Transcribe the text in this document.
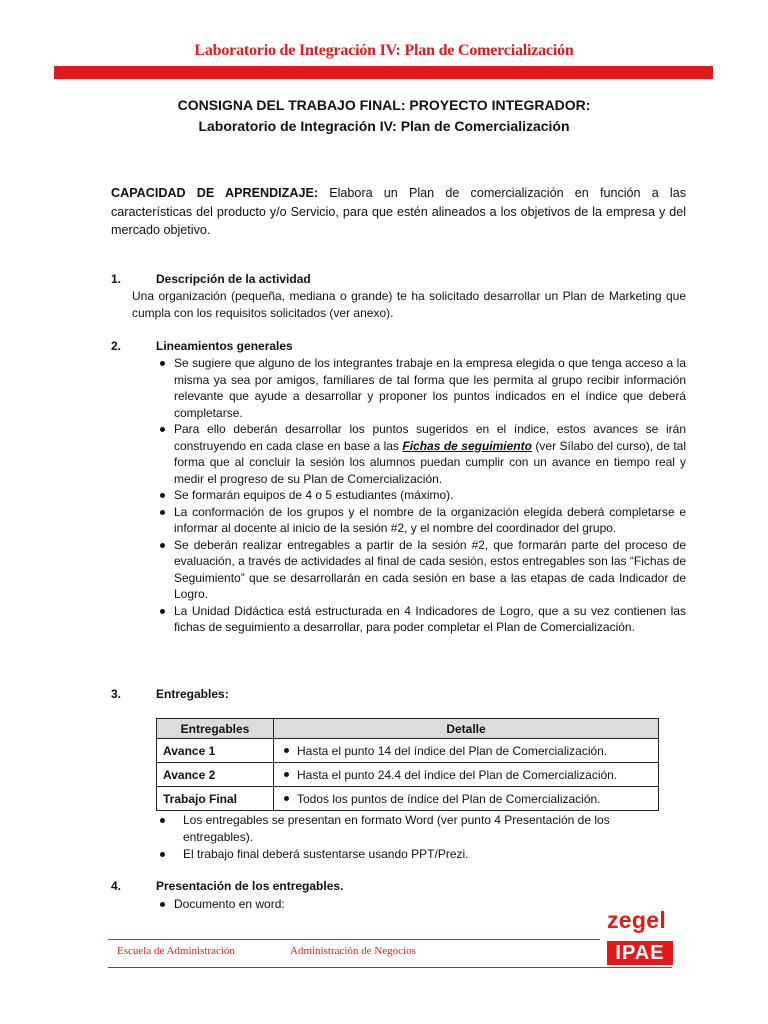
Laboratorio de Integración IV: Plan de Comercialización
CONSIGNA DEL TRABAJO FINAL: PROYECTO INTEGRADOR:
Laboratorio de Integración IV: Plan de Comercialización

CAPACIDAD DE APRENDIZAJE: Elabora un Plan de comercialización en función a las características del producto y/o Servicio, para que estén alineados a los objetivos de la empresa y del mercado objetivo.

1.	Descripción de la actividad

Una organización (pequeña, mediana o grande) te ha solicitado desarrollar un Plan de Marketing que cumpla con los requisitos solicitados (ver anexo).

2.	Lineamientos generales
Se sugiere que alguno de los integrantes trabaje en la empresa elegida o que tenga acceso a la misma ya sea por amigos, familiares de tal forma que les permita al grupo recibir información relevante que ayude a desarrollar y proponer los puntos indicados en el índice que deberá completarse.
Para ello deberán desarrollar los puntos sugeridos en el índice, estos avances se irán construyendo en cada clase en base a las Fichas de seguimiento (ver Sílabo del curso), de tal forma que al concluir la sesión los alumnos puedan cumplir con un avance en tiempo real y medir el progreso de su Plan de Comercialización.
Se formarán equipos de 4 o 5 estudiantes (máximo).
La conformación de los grupos y el nombre de la organización elegida deberá completarse e informar al docente al inicio de la sesión #2, y el nombre del coordinador del grupo.
Se deberán realizar entregables a partir de la sesión #2, que formarán parte del proceso de evaluación, a través de actividades al final de cada sesión, estos entregables son las “Fichas de Seguimiento” que se desarrollarán en cada sesión en base a las etapas de cada Indicador de Logro.
La Unidad Didáctica está estructurada en 4 Indicadores de Logro, que a su vez contienen las fichas de seguimiento a desarrollar, para poder completar el Plan de Comercialización.
3.	Entregables:
Entregables	Detalle
Avance 1	Hasta el punto 14 del índice del Plan de Comercialización.
Avance 2	Hasta el punto 24.4 del índice del Plan de Comercialización.
Trabajo Final	Todos los puntos de índice del Plan de Comercialización.
Los entregables se presentan en formato Word (ver punto 4 Presentación de los entregables).
El trabajo final deberá sustentarse usando PPT/Prezi.
4.	Presentación de los entregables.
Documento en word:
Escuela de Administración	Administración de Negocios
zegel
IPAE
